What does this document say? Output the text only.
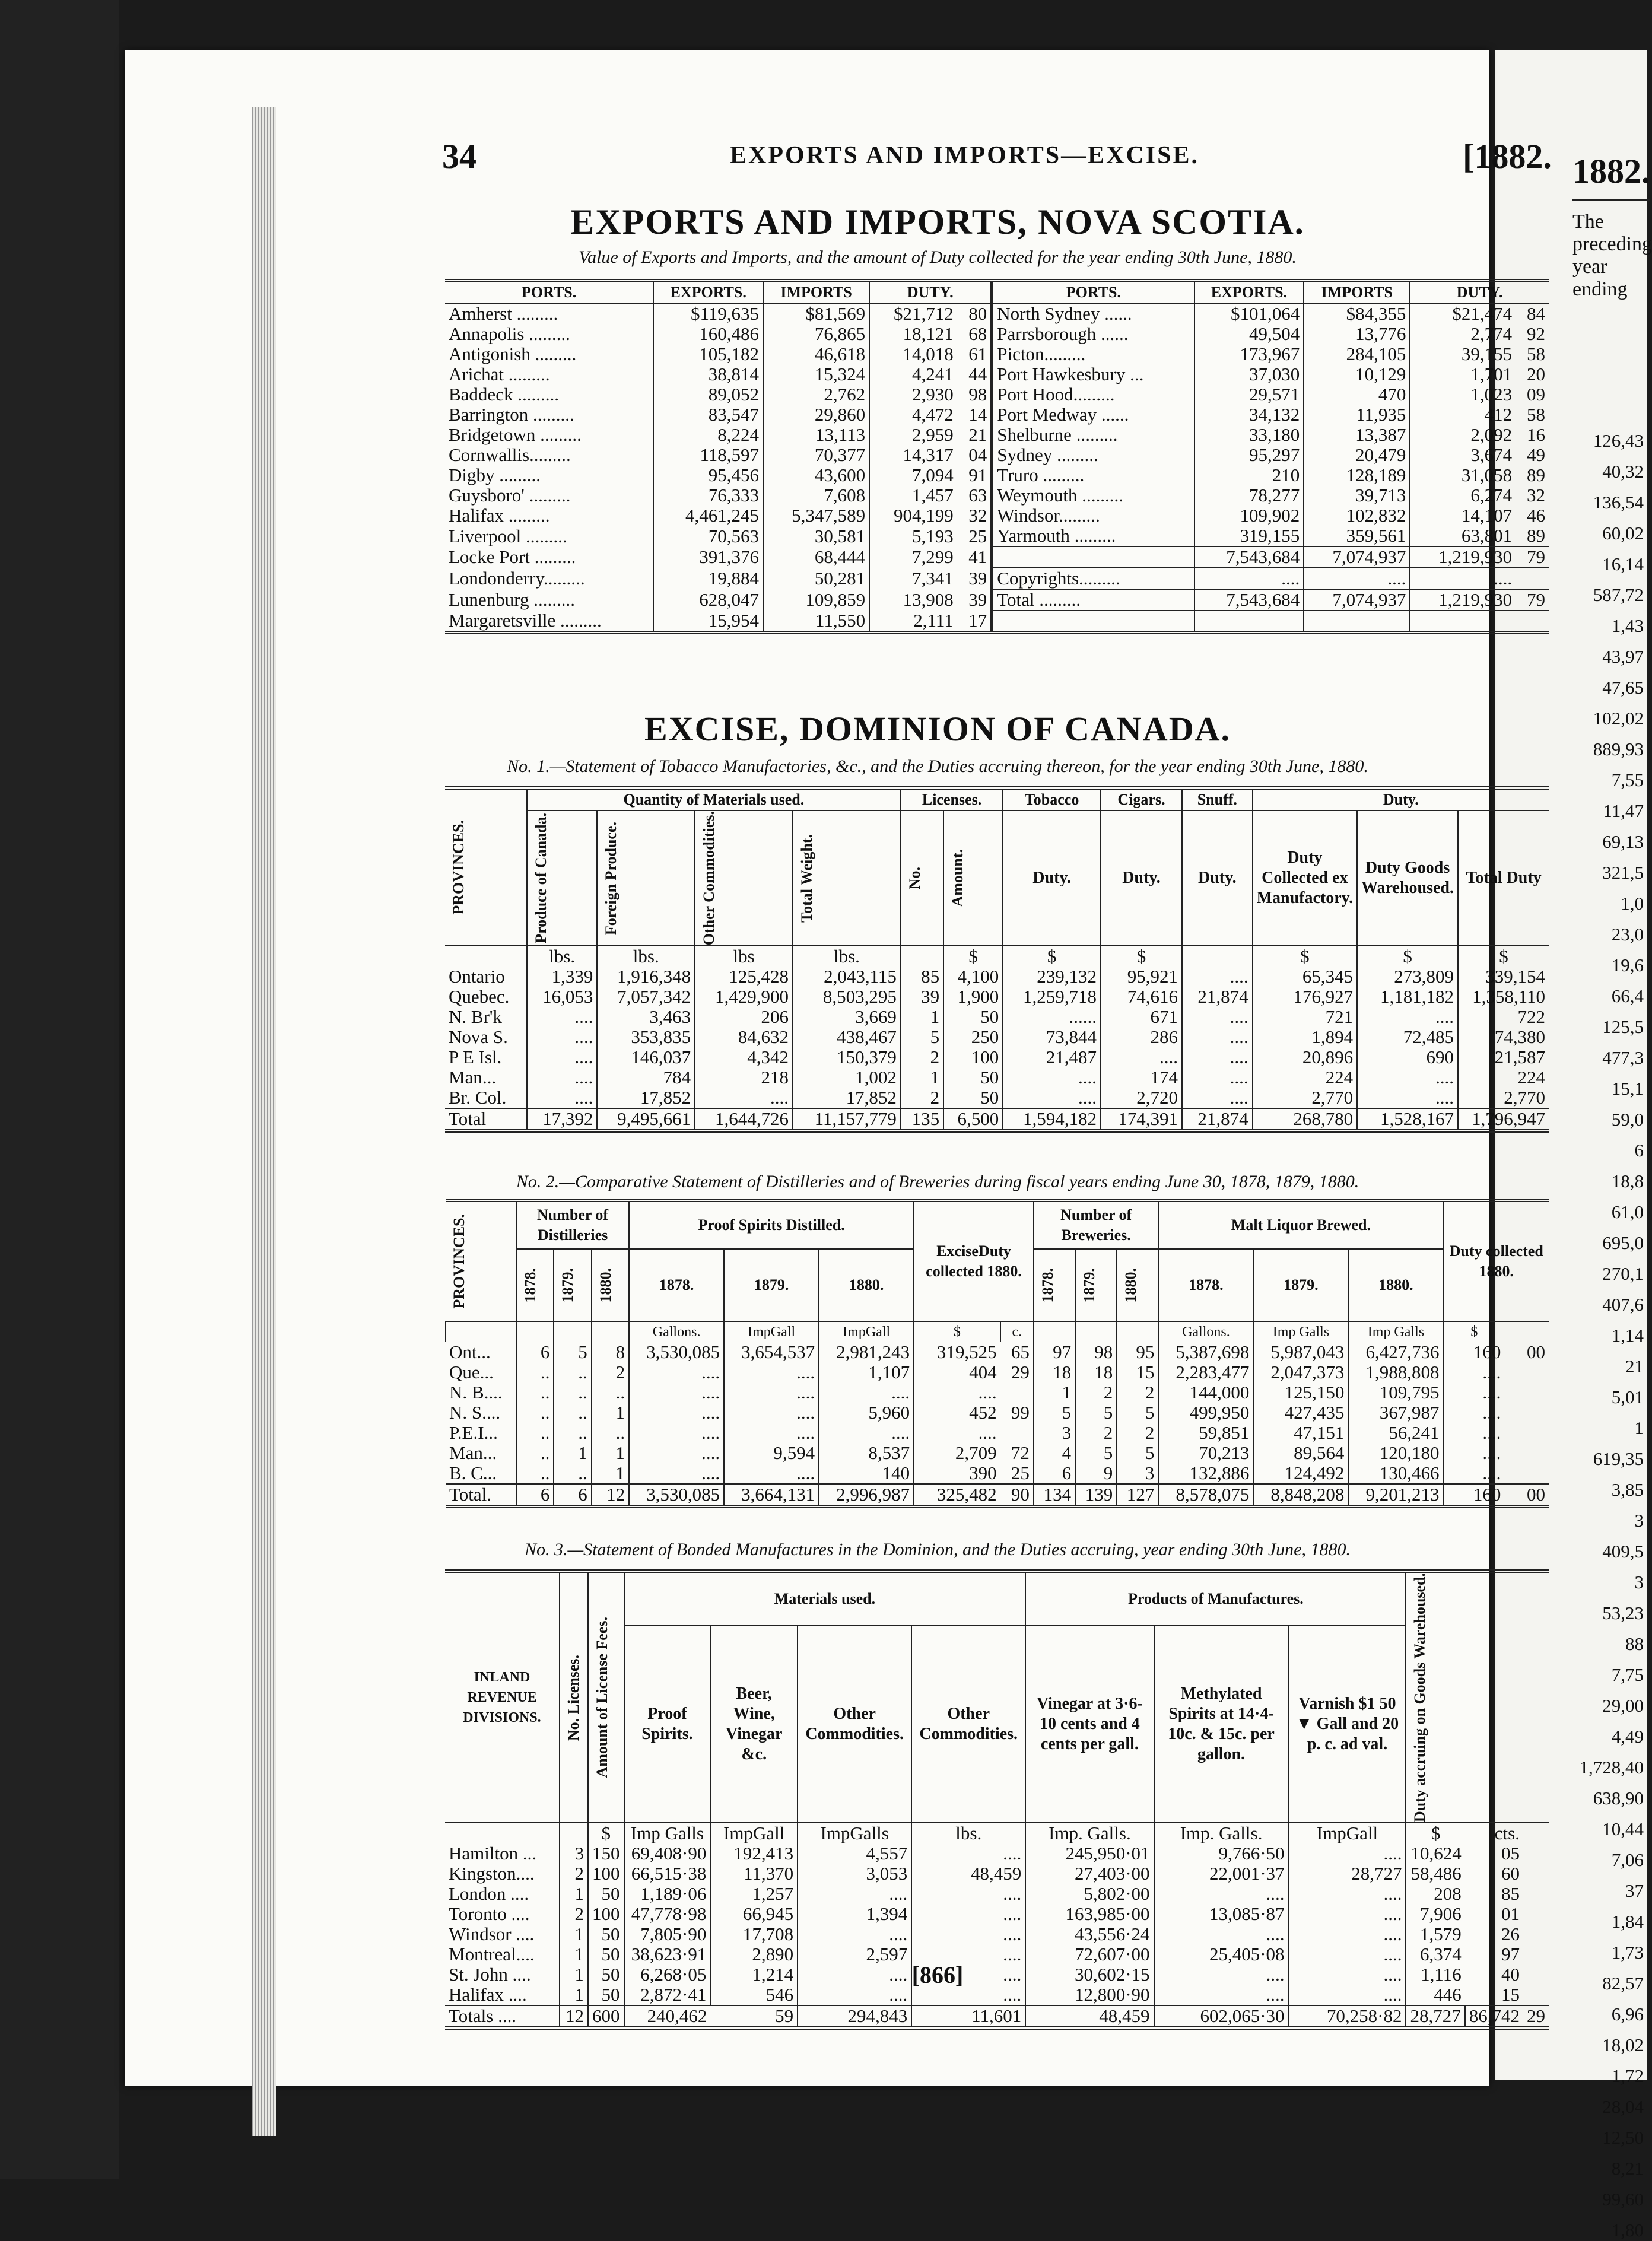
1882.
The preceding year ending
126,43
40,32
136,54
60,02
16,14
587,72
1,43
43,97
47,65
102,02
889,93
7,55
11,47
69,13
321,5
1,0
23,0
19,6
66,4
125,5
477,3
15,1
59,0
6
18,8
61,0
695,0
270,1
407,6
1,14
21
5,01
1
619,35
3,85
3
409,5
3
53,23
88
7,75
29,00
4,49
1,728,40
638,90
10,44
7,06
37
1,84
1,73
82,57
6,96
18,02
1,72
28,04
12,50
8,21
99,60
1,80
34	EXPORTS AND IMPORTS—EXCISE.	[1882.
EXPORTS AND IMPORTS, NOVA SCOTIA.
Value of Exports and Imports, and the amount of Duty collected for the year ending 30th June, 1880.
PORTS.	EXPORTS.	IMPORTS	DUTY.		PORTS.	EXPORTS.	IMPORTS	DUTY.	
Amherst .........	$119,635	$81,569	$21,712	80	North Sydney ......	$101,064	$84,355	$21,474	84
Annapolis .........	160,486	76,865	18,121	68	Parrsborough ......	49,504	13,776	2,774	92
Antigonish .........	105,182	46,618	14,018	61	Picton.........	173,967	284,105	39,155	58
Arichat .........	38,814	15,324	4,241	44	Port Hawkesbury ...	37,030	10,129	1,701	20
Baddeck .........	89,052	2,762	2,930	98	Port Hood.........	29,571	470	1,023	09
Barrington .........	83,547	29,860	4,472	14	Port Medway ......	34,132	11,935	412	58
Bridgetown .........	8,224	13,113	2,959	21	Shelburne .........	33,180	13,387	2,092	16
Cornwallis.........	118,597	70,377	14,317	04	Sydney .........	95,297	20,479	3,674	49
Digby .........	95,456	43,600	7,094	91	Truro .........	210	128,189	31,058	89
Guysboro' .........	76,333	7,608	1,457	63	Weymouth .........	78,277	39,713	6,274	32
Halifax .........	4,461,245	5,347,589	904,199	32	Windsor.........	109,902	102,832	14,107	46
Liverpool .........	70,563	30,581	5,193	25	Yarmouth .........	319,155	359,561	63,801	89
Locke Port .........	391,376	68,444	7,299	41		7,543,684	7,074,937	1,219,930	79
Londonderry.........	19,884	50,281	7,341	39	Copyrights.........	....	....	....	
Lunenburg .........	628,047	109,859	13,908	39	Total .........	7,543,684	7,074,937	1,219,930	79
Margaretsville .........	15,954	11,550	2,111	17					
EXCISE, DOMINION OF CANADA.
No. 1.—Statement of Tobacco Manufactories, &c., and the Duties accruing thereon, for the year ending 30th June, 1880.
PROVINCES.	Quantity of Materials used.				Licenses.		Tobacco	Cigars.	Snuff.	Duty.		

	Produce of Canada.	Foreign Produce.	Other Commodities.	Total Weight.	No.	Amount.	Duty.	Duty.	Duty.	Duty Collected ex Manufactory.	Duty Goods Warehoused.	Total Duty
	lbs.	lbs.	lbs	lbs.		$	$	$		$	$	$
Ontario	1,339	1,916,348	125,428	2,043,115	85	4,100	239,132	95,921	....	65,345	273,809	339,154
Quebec.	16,053	7,057,342	1,429,900	8,503,295	39	1,900	1,259,718	74,616	21,874	176,927	1,181,182	1,358,110
N. Br'k	....	3,463	206	3,669	1	50	......	671	....	721	....	722
Nova S.	....	353,835	84,632	438,467	5	250	73,844	286	....	1,894	72,485	74,380
P E Isl.	....	146,037	4,342	150,379	2	100	21,487	....	....	20,896	690	21,587
Man...	....	784	218	1,002	1	50	....	174	....	224	....	224
Br. Col.	....	17,852	....	17,852	2	50	....	2,720	....	2,770	....	2,770
Total	17,392	9,495,661	1,644,726	11,157,779	135	6,500	1,594,182	174,391	21,874	268,780	1,528,167	1,796,947
No. 2.—Comparative Statement of Distilleries and of Breweries during fiscal years ending June 30, 1878, 1879, 1880.
PROVINCES.	Number of Distilleries			Proof Spirits Distilled.			ExciseDuty collected 1880.		Number of Breweries.			Malt Liquor Brewed.			Duty collected 1880.	

	1878.	1879.	1880.	1878.	1879.	1880.			1878.	1879.	1880.	1878.	1879.	1880.		
				Gallons.	ImpGall	ImpGall	$	c.				Gallons.	Imp Galls	Imp Galls	$	
Ont...	6	5	8	3,530,085	3,654,537	2,981,243	319,525	65	97	98	95	5,387,698	5,987,043	6,427,736	160	00
Que...	..	..	2	....	....	1,107	404	29	18	18	15	2,283,477	2,047,373	1,988,808	....	
N. B....	..	..	..	....	....	....	....		1	2	2	144,000	125,150	109,795	....	
N. S....	..	..	1	....	....	5,960	452	99	5	5	5	499,950	427,435	367,987	....	
P.E.I...	..	..	..	....	....	....	....		3	2	2	59,851	47,151	56,241	....	
Man...	..	1	1	....	9,594	8,537	2,709	72	4	5	5	70,213	89,564	120,180	....	
B. C...	..	..	1	....	....	140	390	25	6	9	3	132,886	124,492	130,466	....	
Total.	6	6	12	3,530,085	3,664,131	2,996,987	325,482	90	134	139	127	8,578,075	8,848,208	9,201,213	160	00
No. 3.—Statement of Bonded Manufactures in the Dominion, and the Duties accruing, year ending 30th June, 1880.
INLAND REVENUE DIVISIONS.	No. Licenses.	Amount of License Fees.	Materials used.				Products of Manufactures.			Duty accruing on Goods Warehoused.		

			Proof Spirits.	Beer, Wine, Vinegar &c.	Other Commodities.	Other Commodities.	Vinegar at 3·6-10 cents and 4 cents per gall.	Methylated Spirits at 14·4-10c. & 15c. per gallon.	Varnish $1 50 ▼ Gall and 20 p. c. ad val.			
		$	Imp Galls	ImpGall	ImpGalls	lbs.	Imp. Galls.	Imp. Galls.	ImpGall	$	cts.	
Hamilton ...	3	150	69,408·90	192,413	4,557	....	245,950·01	9,766·50	....	10,624	05	
Kingston....	2	100	66,515·38	11,370	3,053	48,459	27,403·00	22,001·37	28,727	58,486	60	
London ....	1	50	1,189·06	1,257	....	....	5,802·00	....	....	208	85	
Toronto ....	2	100	47,778·98	66,945	1,394	....	163,985·00	13,085·87	....	7,906	01	
Windsor ....	1	50	7,805·90	17,708	....	....	43,556·24	....	....	1,579	26	
Montreal....	1	50	38,623·91	2,890	2,597	....	72,607·00	25,405·08	....	6,374	97	
St. John ....	1	50	6,268·05	1,214	....	....	30,602·15	....	....	1,116	40	
Halifax ....	1	50	2,872·41	546	....	....	12,800·90	....	....	446	15	
Totals ....	12	600	240,462	59	294,843	11,601	48,459	602,065·30	70,258·82	28,727	86,742	29
[866]
